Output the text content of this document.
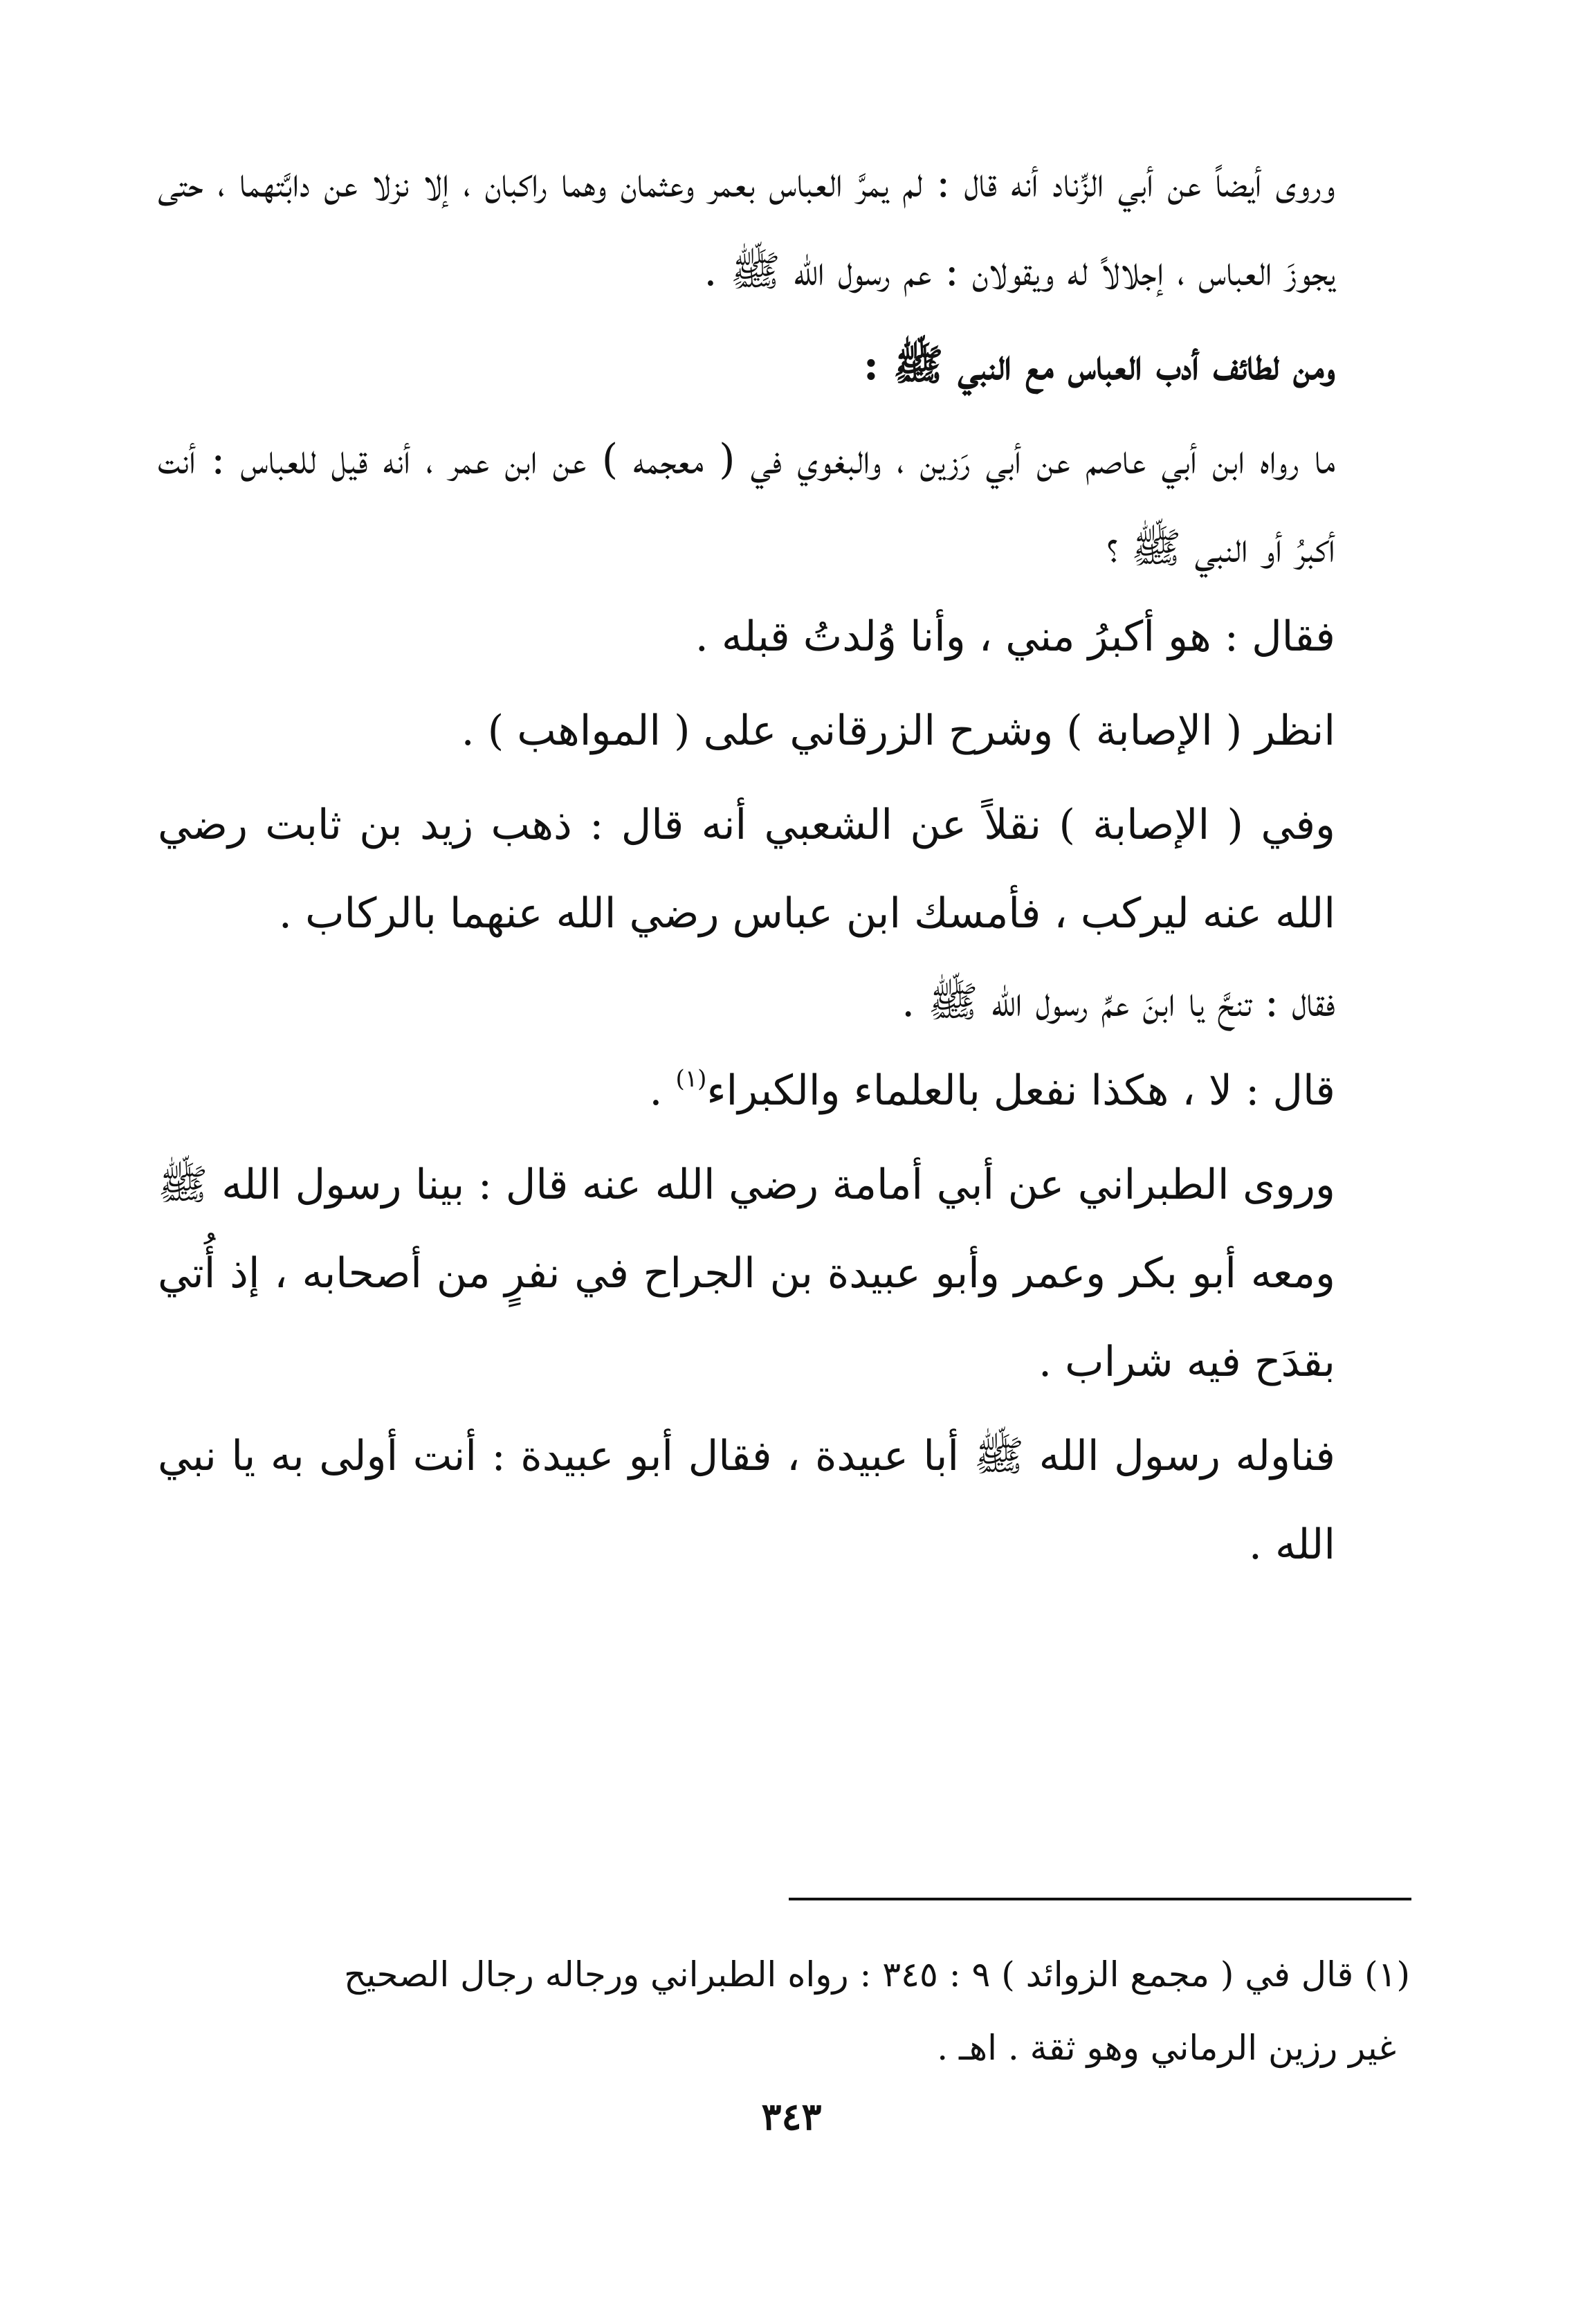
وروى أيضاً عن أبي الزِّناد أنه قال : لم يمرَّ العباس بعمر وعثمان وهما راكبان ، إلا نزلا عن دابَّتهما ، حتى يجوزَ العباس ، إجلالاً له ويقولان : عم رسول الله ﷺ .

ومن لطائف أدب العباس مع النبي ﷺ :

ما رواه ابن أبي عاصم عن أبي رَزين ، والبغوي في ( معجمه ) عن ابن عمر ، أنه قيل للعباس : أنت أكبرُ أو النبي ﷺ ؟

فقال : هو أكبرُ مني ، وأنا وُلدتُ قبله .

انظر ( الإصابة ) وشرح الزرقاني على ( المواهب ) .

وفي ( الإصابة ) نقلاً عن الشعبي أنه قال : ذهب زيد بن ثابت رضي الله عنه ليركب ، فأمسك ابن عباس رضي الله عنهما بالركاب .

فقال : تنحَّ يا ابنَ عمِّ رسول الله ﷺ .

قال : لا ، هكذا نفعل بالعلماء والكبراء$^{(١)}$ .

وروى الطبراني عن أبي أمامة رضي الله عنه قال : بينا رسول الله ﷺ ومعه أبو بكر وعمر وأبو عبيدة بن الجراح في نفرٍ من أصحابه ، إذ أُتي بقدَح فيه شراب .

فناوله رسول الله ﷺ أبا عبيدة ، فقال أبو عبيدة : أنت أولى به يا نبي الله .

(١) قال في ( مجمع الزوائد ) ٩ : ٣٤٥ : رواه الطبراني ورجاله رجال الصحيح

غير رزين الرماني وهو ثقة . اهـ .

٣٤٣
